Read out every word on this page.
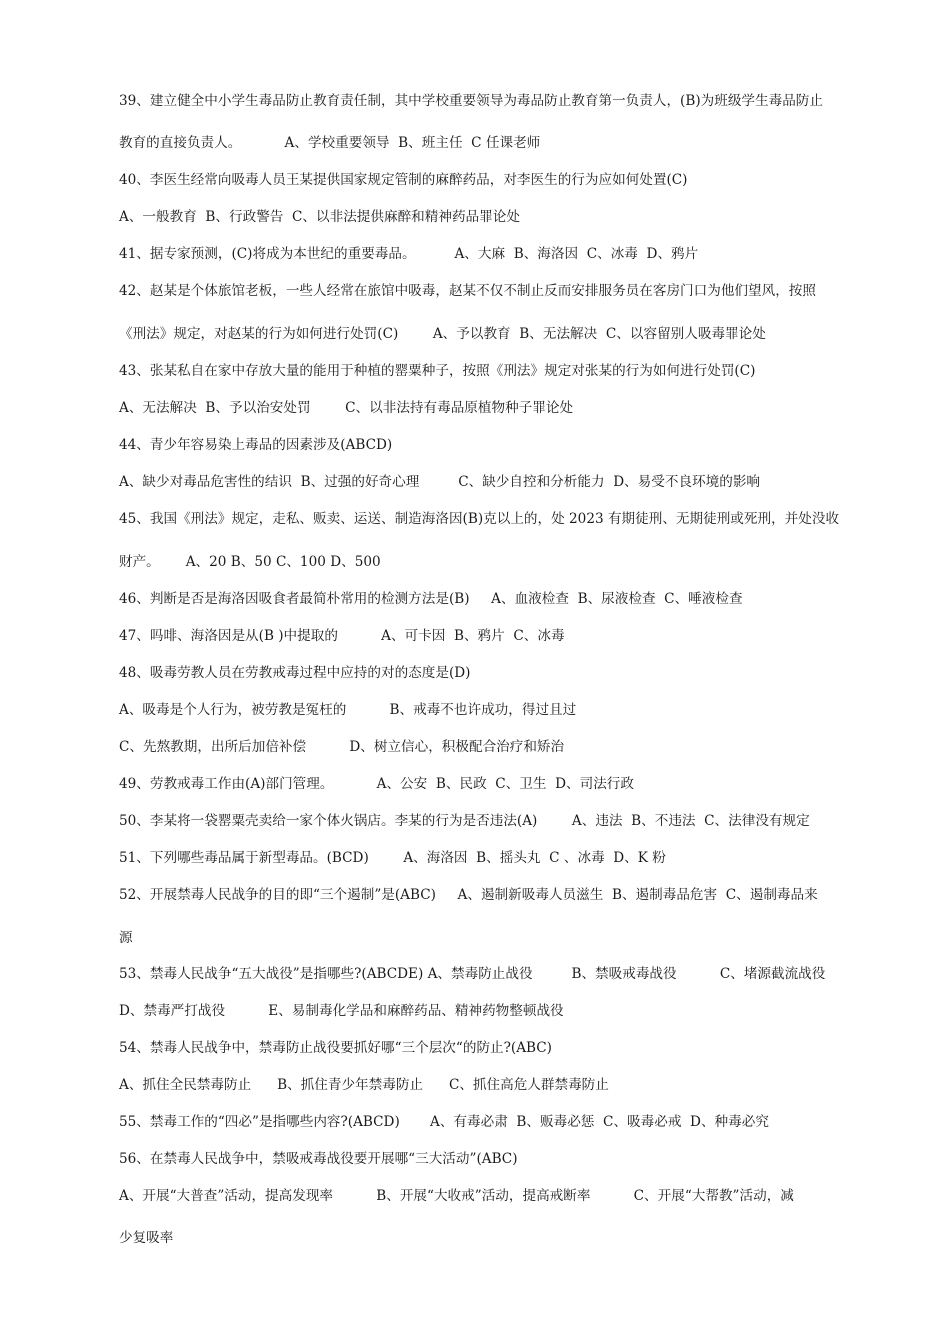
39、建立健全中小学生毒品防止教育责任制，其中学校重要领导为毒品防止教育第一负责人，(B)为班级学生毒品防止
教育的直接负责人。          A、学校重要领导  B、班主任  C 任课老师
40、李医生经常向吸毒人员王某提供国家规定管制的麻醉药品，对李医生的行为应如何处置(C)
A、一般教育  B、行政警告  C、以非法提供麻醉和精神药品罪论处
41、据专家预测，(C)将成为本世纪的重要毒品。         A、大麻  B、海洛因  C、冰毒  D、鸦片
42、赵某是个体旅馆老板，一些人经常在旅馆中吸毒，赵某不仅不制止反而安排服务员在客房门口为他们望风，按照
《刑法》规定，对赵某的行为如何进行处罚(C)        A、予以教育  B、无法解决  C、以容留别人吸毒罪论处
43、张某私自在家中存放大量的能用于种植的罂粟种子，按照《刑法》规定对张某的行为如何进行处罚(C)
A、无法解决  B、予以治安处罚        C、以非法持有毒品原植物种子罪论处
44、青少年容易染上毒品的因素涉及(ABCD)
A、缺少对毒品危害性的结识  B、过强的好奇心理         C、缺少自控和分析能力  D、易受不良环境的影响
45、我国《刑法》规定，走私、贩卖、运送、制造海洛因(B)克以上的，处 2023 有期徒刑、无期徒刑或死刑，并处没收
财产。      A、20 B、50 C、100 D、500
46、判断是否是海洛因吸食者最简朴常用的检测方法是(B)     A、血液检查  B、尿液检查  C、唾液检查
47、吗啡、海洛因是从(B )中提取的          A、可卡因  B、鸦片  C、冰毒
48、吸毒劳教人员在劳教戒毒过程中应持的对的态度是(D)
A、吸毒是个人行为，被劳教是冤枉的          B、戒毒不也许成功，得过且过
C、先熬教期，出所后加倍补偿          D、树立信心，积极配合治疗和矫治
49、劳教戒毒工作由(A)部门管理。          A、公安  B、民政  C、卫生  D、司法行政
50、李某将一袋罂粟壳卖给一家个体火锅店。李某的行为是否违法(A)        A、违法  B、不违法  C、法律没有规定
51、下列哪些毒品属于新型毒品。(BCD)        A、海洛因  B、摇头丸  C 、冰毒  D、K 粉
52、开展禁毒人民战争的目的即“三个遏制”是(ABC)     A、遏制新吸毒人员滋生  B、遏制毒品危害  C、遏制毒品来
源
53、禁毒人民战争“五大战役”是指哪些?(ABCDE) A、禁毒防止战役         B、禁吸戒毒战役          C、堵源截流战役
D、禁毒严打战役          E、易制毒化学品和麻醉药品、精神药物整顿战役
54、禁毒人民战争中，禁毒防止战役要抓好哪“三个层次“的防止?(ABC)
A、抓住全民禁毒防止      B、抓住青少年禁毒防止      C、抓住高危人群禁毒防止
55、禁毒工作的“四必”是指哪些内容?(ABCD)       A、有毒必肃  B、贩毒必惩  C、吸毒必戒  D、种毒必究
56、在禁毒人民战争中，禁吸戒毒战役要开展哪“三大活动”(ABC)
A、开展“大普查”活动，提高发现率          B、开展“大收戒”活动，提高戒断率          C、开展“大帮教”活动，减
少复吸率
